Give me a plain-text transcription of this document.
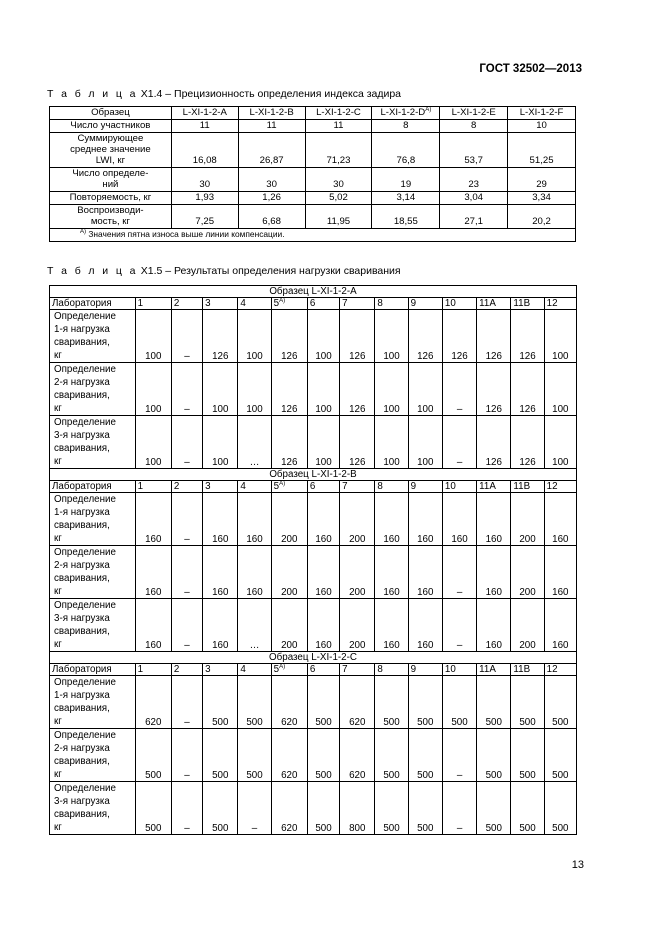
ГОСТ 32502—2013
Т а б л и ц а X1.4 – Прецизионность определения индекса задира
Образец	L-XI-1-2-A	L-XI-1-2-B	L-XI-1-2-C	$L-XI-1-2-D^{A)}$	L-XI-1-2-E	L-XI-1-2-F
Число участников	11	11	11	8	8	10
Суммирующее
среднее значение
LWI, кг	16,08	26,87	71,23	76,8	53,7	51,25
Число определе-
ний	30	30	30	19	23	29
Повторяемость, кг	1,93	1,26	5,02	3,14	3,04	3,34
Воспроизводи-
мость, кг	7,25	6,68	11,95	18,55	27,1	20,2
$^{A)}$ Значения пятна износа выше линии компенсации.						
Т а б л и ц а X1.5 – Результаты определения нагрузки сваривания
Образец L-XI-1-2-A													
Лаборатория	1	2	3	4	$5^{A)}$	6	7	8	9	10	11A	11B	12
Определение
1-я нагрузка
сваривания,
кг	100	–	126	100	126	100	126	100	126	126	126	126	100
Определение
2-я нагрузка
сваривания,
кг	100	–	100	100	126	100	126	100	100	–	126	126	100
Определение
3-я нагрузка
сваривания,
кг	100	–	100	…	126	100	126	100	100	–	126	126	100
Образец L-XI-1-2-B													
Лаборатория	1	2	3	4	$5^{A)}$	6	7	8	9	10	11A	11B	12
Определение
1-я нагрузка
сваривания,
кг	160	–	160	160	200	160	200	160	160	160	160	200	160
Определение
2-я нагрузка
сваривания,
кг	160	–	160	160	200	160	200	160	160	–	160	200	160
Определение
3-я нагрузка
сваривания,
кг	160	–	160	…	200	160	200	160	160	–	160	200	160
Образец L-XI-1-2-C													
Лаборатория	1	2	3	4	$5^{A)}$	6	7	8	9	10	11A	11B	12
Определение
1-я нагрузка
сваривания,
кг	620	–	500	500	620	500	620	500	500	500	500	500	500
Определение
2-я нагрузка
сваривания,
кг	500	–	500	500	620	500	620	500	500	–	500	500	500
Определение
3-я нагрузка
сваривания,
кг	500	–	500	–	620	500	800	500	500	–	500	500	500
13
